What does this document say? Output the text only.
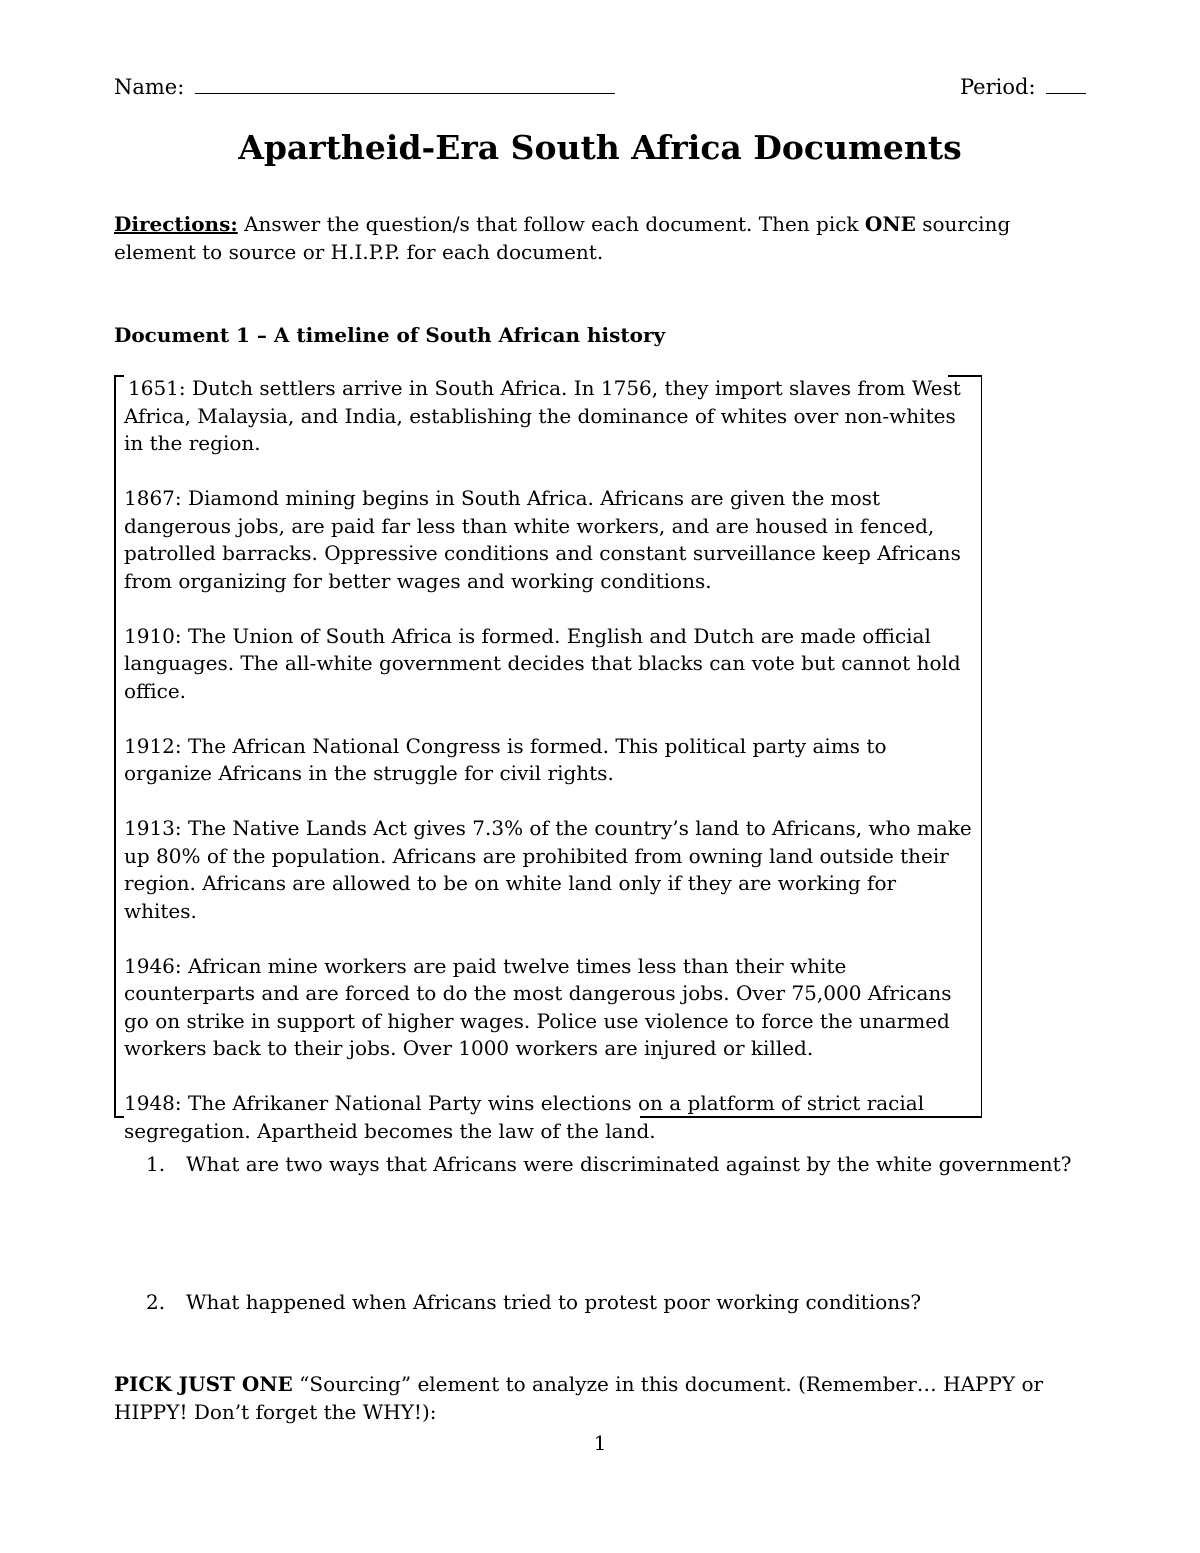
Name:	Period:
Apartheid-Era South Africa Documents
Directions: Answer the question/s that follow each document. Then pick ONE sourcing element to source or H.I.P.P. for each document.
Document 1 – A timeline of South African history

1651: Dutch settlers arrive in South Africa. In 1756, they import slaves from West Africa, Malaysia, and India, establishing the dominance of whites over non-whites in the region.

1867: Diamond mining begins in South Africa. Africans are given the most dangerous jobs, are paid far less than white workers, and are housed in fenced, patrolled barracks. Oppressive conditions and constant surveillance keep Africans from organizing for better wages and working conditions.

1910: The Union of South Africa is formed. English and Dutch are made official languages. The all-white government decides that blacks can vote but cannot hold office.

1912: The African National Congress is formed. This political party aims to organize Africans in the struggle for civil rights.

1913: The Native Lands Act gives 7.3% of the country’s land to Africans, who make up 80% of the population. Africans are prohibited from owning land outside their region. Africans are allowed to be on white land only if they are working for whites.

1946: African mine workers are paid twelve times less than their white counterparts and are forced to do the most dangerous jobs. Over 75,000 Africans go on strike in support of higher wages. Police use violence to force the unarmed workers back to their jobs. Over 1000 workers are injured or killed.

1948: The Afrikaner National Party wins elections on a platform of strict racial segregation. Apartheid becomes the law of the land.

1. What are two ways that Africans were discriminated against by the white government?
2. What happened when Africans tried to protest poor working conditions?
PICK JUST ONE “Sourcing” element to analyze in this document. (Remember… HAPPY or HIPPY! Don’t forget the WHY!):
1
